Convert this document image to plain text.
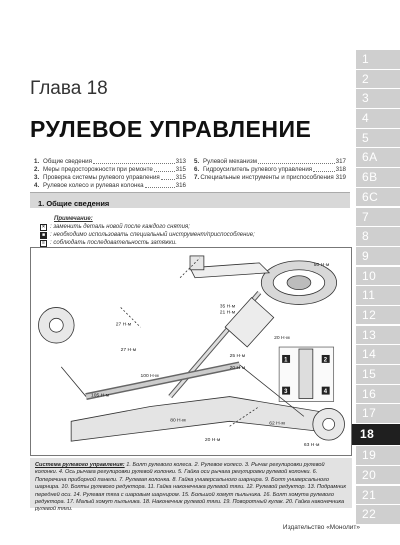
1
2
3
4
5
6А
6В
6С
7
8
9
10
11
12
13
14
15
16
17
18
19
20
21
22
Глава 18
РУЛЕВОЕ УПРАВЛЕНИЕ
1. Общие сведения	313
2. Меры предосторожности при ремонте	315
3. Проверка системы рулевого управления	315
4. Рулевое колесо и рулевая колонка	316
5. Рулевой механизм	317
6. Гидроусилитель рулевого управления	318
7. Специальные инструменты и приспособления 319
1. Общие сведения
Примечание:
× : заменить деталь новой после каждого снятия;
■ : необходимо использовать специальный инструмент/приспособление;
≡ : соблюдать последовательность затяжки.
50 Н·м
35 Н·м
21 Н·м
27 Н·м
20 Н·м
27 Н·м
25 Н·м
100 Н·м
20 Н·м
105 Н·м
80 Н·м
62 Н·м
20 Н·м
63 Н·м
1	2
3	4
Система рулевого управления: 1. Болт рулевого колеса. 2. Рулевое колесо. 3. Рычаг регулировки рулевой колонки. 4. Ось рычага регулировки рулевой колонки. 5. Гайка оси рычага регулировки рулевой колонки. 6. Поперечина приборной панели. 7. Рулевая колонка. 8. Гайка универсального шарнира. 9. Болт универсального шарнира. 10. Болты рулевого редуктора. 11. Гайка наконечника рулевой тяги. 12. Рулевой редуктор. 13. Подрамник передней оси. 14. Рулевая тяга с шаровым шарниром. 15. Большой хомут пыльника. 16. Болт хомута рулевого редуктора. 17. Малый хомут пыльника. 18. Наконечник рулевой тяги. 19. Поворотный кулак. 20. Гайка наконечника рулевой тяги.
Издательство «Монолит»
